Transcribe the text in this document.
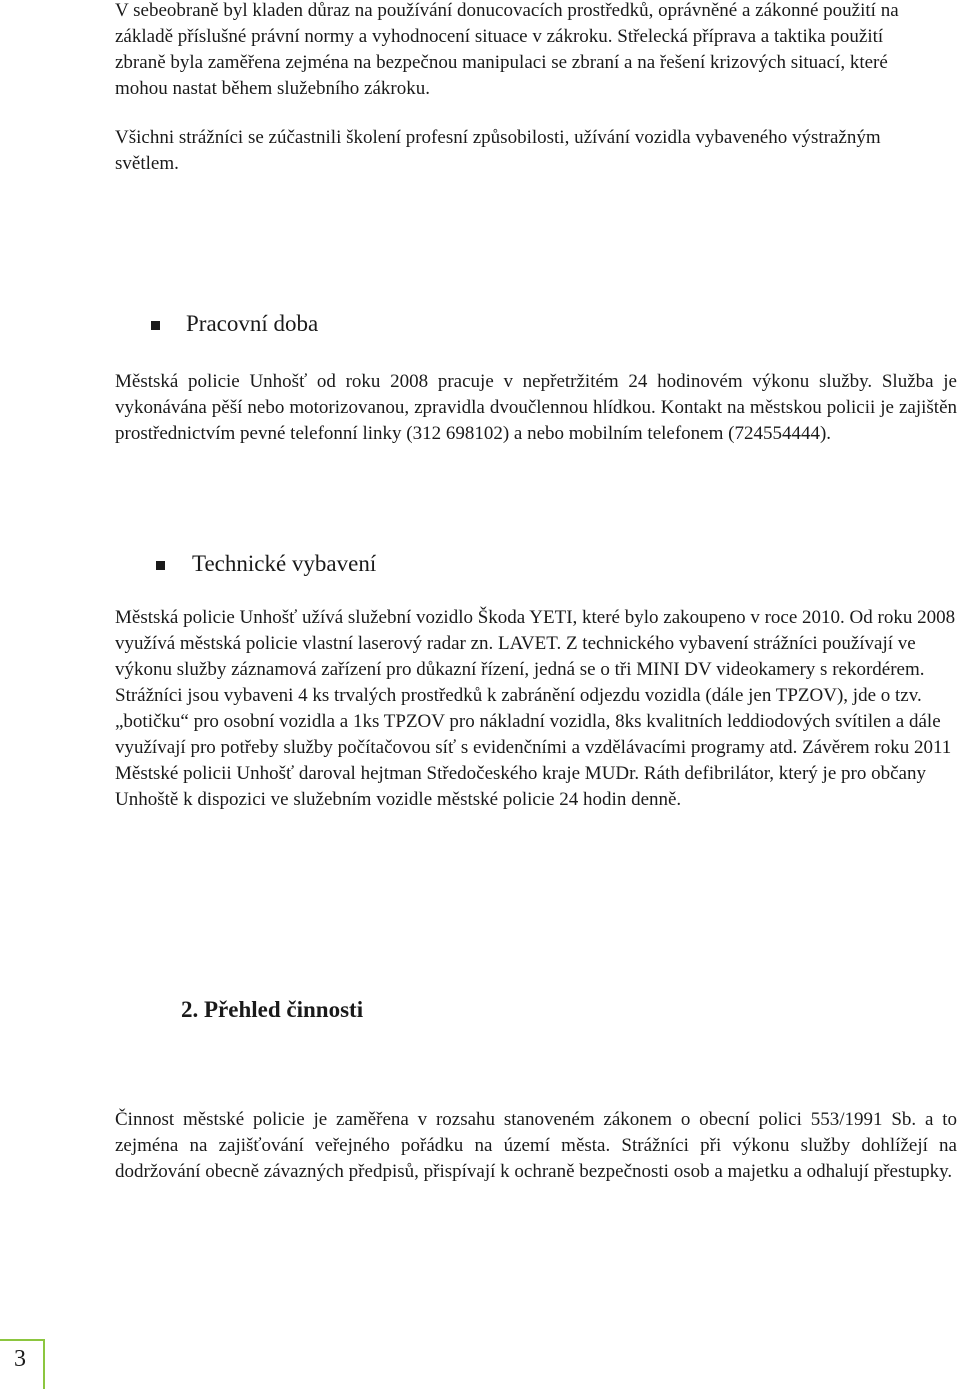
V sebeobraně byl kladen důraz na používání donucovacích prostředků, oprávněné a zákonné použití na základě příslušné právní normy a vyhodnocení situace v zákroku. Střelecká příprava a taktika použití zbraně byla zaměřena zejména na bezpečnou manipulaci se zbraní a na řešení krizových situací, které mohou nastat během služebního zákroku.

Všichni strážníci se zúčastnili školení profesní způsobilosti, užívání vozidla vybaveného výstražným světlem.

Pracovní doba

Městská policie Unhošť od roku 2008 pracuje v nepřetržitém 24 hodinovém výkonu služby. Služba je vykonávána pěší nebo motorizovanou, zpravidla dvoučlennou hlídkou. Kontakt na městskou policii je zajištěn prostřednictvím pevné telefonní linky (312 698102) a nebo mobilním telefonem (724554444).

Technické vybavení

Městská policie Unhošť užívá služební vozidlo Škoda YETI, které bylo zakoupeno v roce 2010. Od roku 2008 využívá městská policie vlastní laserový radar zn. LAVET. Z technického vybavení strážníci používají ve výkonu služby záznamová zařízení pro důkazní řízení, jedná se o tři MINI DV videokamery s rekordérem. Strážníci jsou vybaveni 4 ks trvalých prostředků k zabránění odjezdu vozidla (dále jen TPZOV), jde o tzv. „botičku“ pro osobní vozidla a 1ks TPZOV pro nákladní vozidla, 8ks kvalitních leddiodových svítilen a dále využívají pro potřeby služby počítačovou síť s evidenčními a vzdělávacími programy atd. Závěrem roku 2011 Městské policii Unhošť daroval hejtman Středočeského kraje MUDr. Ráth defibrilátor, který je pro občany Unhoště k dispozici ve služebním vozidle městské policie 24 hodin denně.

2. Přehled činnosti

Činnost městské policie je zaměřena v rozsahu stanoveném zákonem o obecní polici 553/1991 Sb. a to zejména na zajišťování veřejného pořádku na území města. Strážníci při výkonu služby dohlížejí na dodržování obecně závazných předpisů, přispívají k ochraně bezpečnosti osob a majetku a odhalují přestupky.

3
